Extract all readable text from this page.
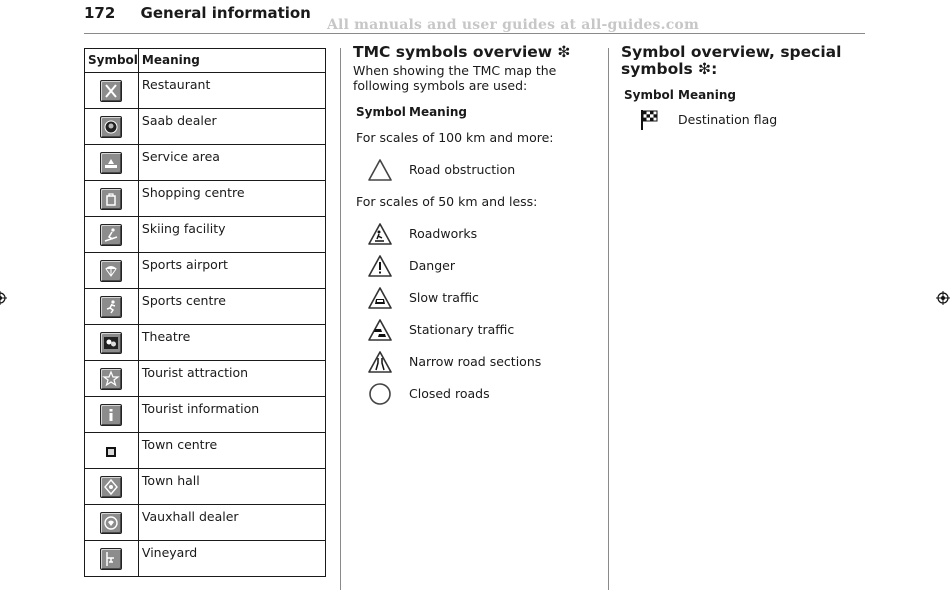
172 General information
All manuals and user guides at all-guides.com
Symbol	Meaning

	Restaurant

	Saab dealer

	Service area

	Shopping centre

	Skiing facility

	Sports airport

	Sports centre

	Theatre

	Tourist attraction

	Tourist information
	Town centre

	Town hall

	Vauxhall dealer

	Vineyard
TMC symbols overview ❇
When showing the TMC map the following symbols are used:
Symbol Meaning
For scales of 100 km and more:
Road obstruction
For scales of 50 km and less:
Roadworks
Danger
Slow traffic
Stationary traffic
Narrow road sections
Closed roads
Symbol overview, special
symbols ❇:
Symbol Meaning
Destination flag
